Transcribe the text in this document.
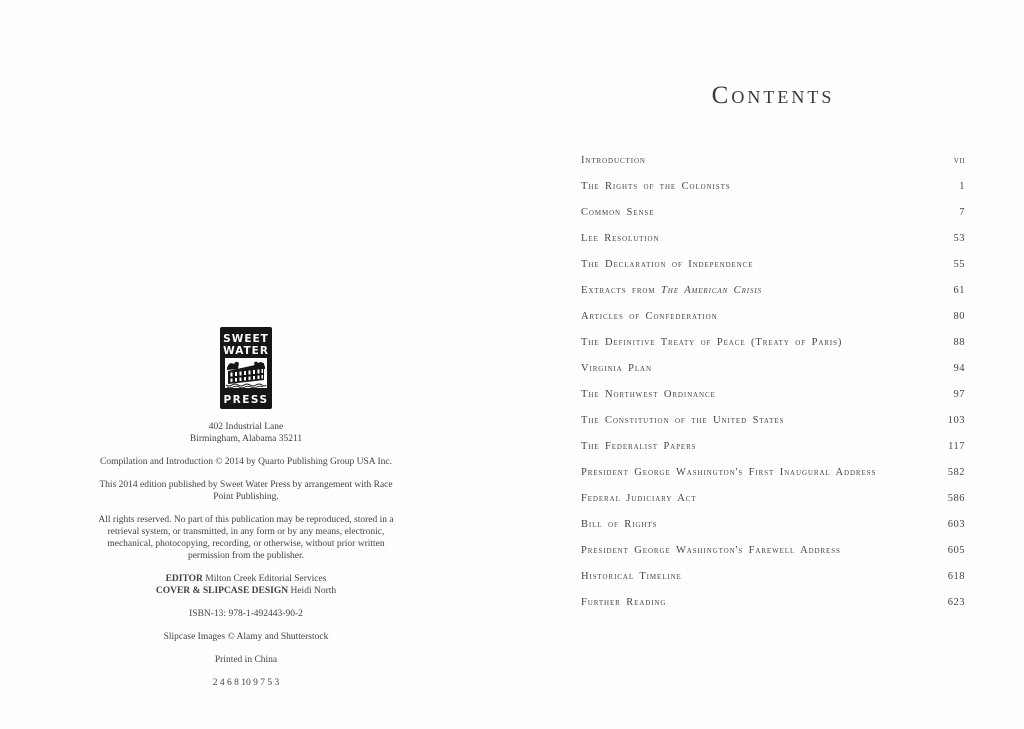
SWEET
WATER
PRESS
402 Industrial Lane
Birmingham, Alabama 35211

Compilation and Introduction © 2014 by Quarto Publishing Group USA Inc.

This 2014 edition published by Sweet Water Press by arrangement with Race Point Publishing.

All rights reserved. No part of this publication may be reproduced, stored in a retrieval system, or transmitted, in any form or by any means, electronic, mechanical, photocopying, recording, or otherwise, without prior written permission from the publisher.

EDITOR Milton Creek Editorial Services
COVER & SLIPCASE DESIGN Heidi North

ISBN-13: 978-1-492443-90-2

Slipcase Images © Alamy and Shutterstock

Printed in China

2 4 6 8 10 9 7 5 3

Contents
Introduction	vii
The Rights of the Colonists	1
Common Sense	7
Lee Resolution	53
The Declaration of Independence	55
Extracts from The American Crisis	61
Articles of Confederation	80
The Definitive Treaty of Peace (Treaty of Paris)	88
Virginia Plan	94
The Northwest Ordinance	97
The Constitution of the United States	103
The Federalist Papers	117
President George Washington's First Inaugural Address	582
Federal Judiciary Act	586
Bill of Rights	603
President George Washington's Farewell Address	605
Historical Timeline	618
Further Reading	623
